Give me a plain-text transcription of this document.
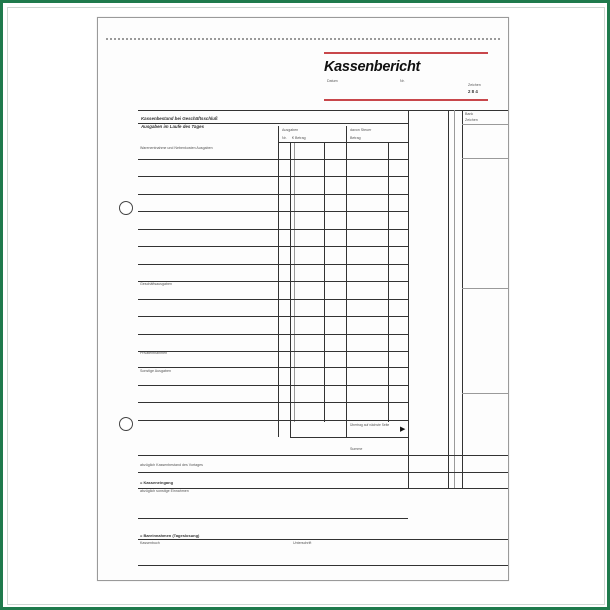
Kassenbericht
Datum	Nr.
Zeichen
2 8 4
Kassenbestand bei Geschäftsschluß
Ausgaben im Laufe des Tages
Ausgaben
Nr. € Betrag
davon Steuer
Betrag
Bank
Zeichen
Warenentnahme und Nebenkosten Ausgaben
Geschäftsausgaben
Privatentnahmen
Sonstige Ausgaben
Übertrag auf nächste Seite
▶
Summe
abzüglich Kassenbestand des Vortages
= Kasseneingang
abzüglich sonstige Einnahmen
= Bareinnahmen (Tageslosung)
Kassenbuch	Unterschrift
